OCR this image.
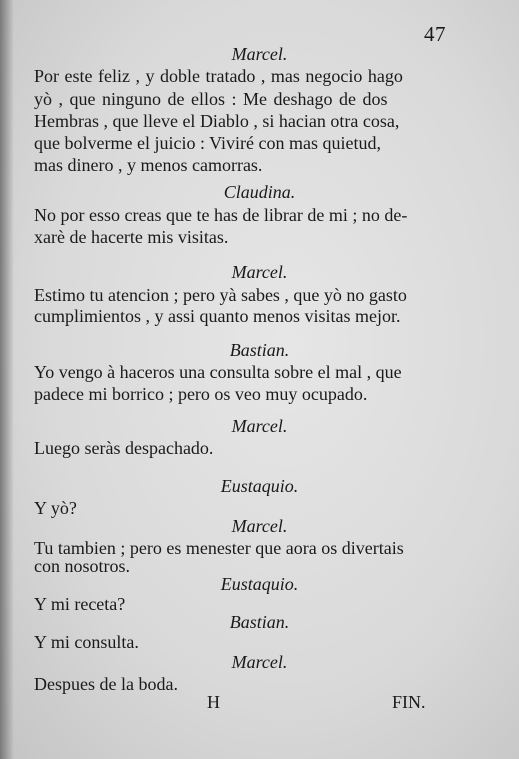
47
Marcel.
Por este feliz , y doble tratado , mas negocio hago
yò , que ninguno de ellos : Me deshago de dos
Hembras , que lleve el Diablo , si hacian otra cosa,
que bolverme el juicio : Viviré con mas quietud,
mas dinero , y menos camorras.
Claudina.
No por esso creas que te has de librar de mi ; no de-
xarè de hacerte mis visitas.
Marcel.
Estimo tu atencion ; pero yà sabes , que yò no gasto
cumplimientos , y assi quanto menos visitas mejor.
Bastian.
Yo vengo à haceros una consulta sobre el mal , que
padece mi borrico ; pero os veo muy ocupado.
Marcel.
Luego seràs despachado.
Eustaquio.
Y yò?
Marcel.
Tu tambien ; pero es menester que aora os divertais
con nosotros.
Eustaquio.
Y mi receta?
Bastian.
Y mi consulta.
Marcel.
Despues de la boda.
H	FIN.
